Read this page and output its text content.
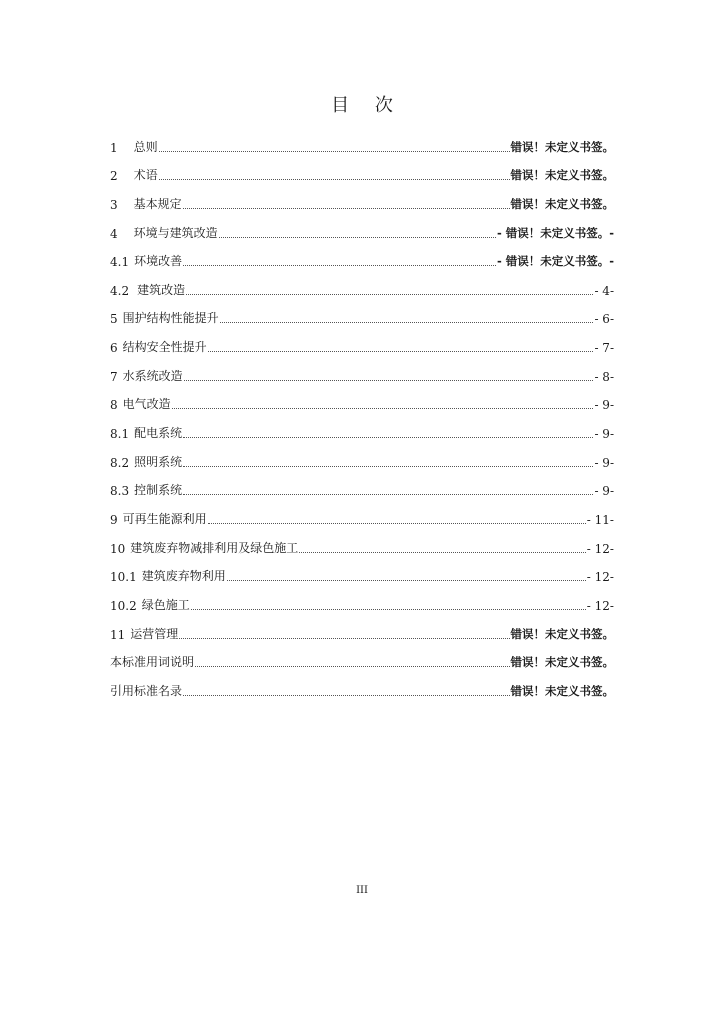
目 次
1 总则	错误！未定义书签。
2 术语	错误！未定义书签。
3 基本规定	错误！未定义书签。
4 环境与建筑改造	- 错误！未定义书签。-
4.1 环境改善	- 错误！未定义书签。-
4.2 建筑改造	- 4-
5 围护结构性能提升	- 6-
6 结构安全性提升	- 7-
7 水系统改造	- 8-
8 电气改造	- 9-
8.1 配电系统	- 9-
8.2 照明系统	- 9-
8.3 控制系统	- 9-
9 可再生能源利用	- 11-
10 建筑废弃物减排利用及绿色施工	- 12-
10.1 建筑废弃物利用	- 12-
10.2 绿色施工	- 12-
11 运营管理	错误！未定义书签。
本标准用词说明	错误！未定义书签。
引用标准名录	错误！未定义书签。
III
